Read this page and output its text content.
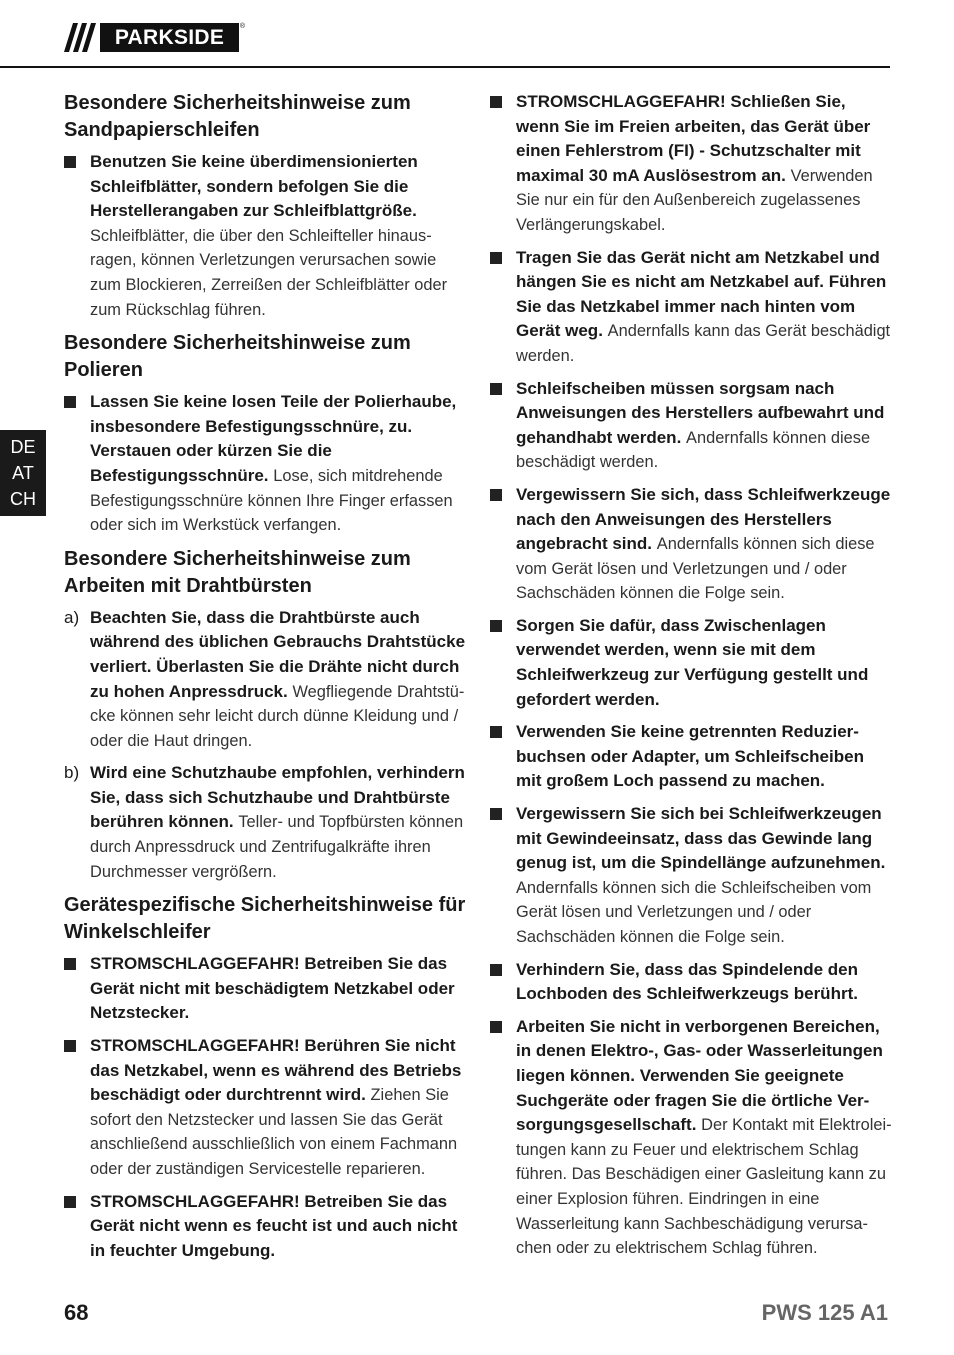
PARKSIDE	®
DE
AT
CH
Besondere Sicherheitshinweise zum Sandpapierschleifen
Benutzen Sie keine überdimensionierten Schleifblätter, sondern befolgen Sie die Herstellerangaben zur Schleifblattgröße. Schleifblätter, die über den Schleifteller hinausragen, können Verletzungen verursachen sowie zum Blockieren, Zerreißen der Schleifblätter oder zum Rückschlag führen.
Besondere Sicherheitshinweise zum Polieren
Lassen Sie keine losen Teile der Polierhaube, insbesondere Befestigungsschnüre, zu. Verstauen oder kürzen Sie die Befestigungsschnüre. Lose, sich mitdrehende Befestigungsschnüre können Ihre Finger erfassen oder sich im Werkstück verfangen.
Besondere Sicherheitshinweise zum Arbeiten mit Drahtbürsten
a) Beachten Sie, dass die Drahtbürste auch während des üblichen Gebrauchs Drahtstücke verliert. Überlasten Sie die Drähte nicht durch zu hohen Anpressdruck. Wegfliegende Drahtstücke können sehr leicht durch dünne Kleidung und / oder die Haut dringen.
b) Wird eine Schutzhaube empfohlen, verhindern Sie, dass sich Schutzhaube und Drahtbürste berühren können. Teller- und Topfbürsten können durch Anpressdruck und Zentrifugalkräfte ihren Durchmesser vergrößern.
Gerätespezifische Sicherheitshinweise für Winkelschleifer
STROMSCHLAGGEFAHR! Betreiben Sie das Gerät nicht mit beschädigtem Netzkabel oder Netzstecker.
STROMSCHLAGGEFAHR! Berühren Sie nicht das Netzkabel, wenn es während des Betriebs beschädigt oder durchtrennt wird. Ziehen Sie sofort den Netzstecker und lassen Sie das Gerät anschließend ausschließlich von einem Fachmann oder der zuständigen Servicestelle reparieren.
STROMSCHLAGGEFAHR! Betreiben Sie das Gerät nicht wenn es feucht ist und auch nicht in feuchter Umgebung.
STROMSCHLAGGEFAHR! Schließen Sie, wenn Sie im Freien arbeiten, das Gerät über einen Fehlerstrom (FI) - Schutzschalter mit maximal 30 mA Auslösestrom an. Verwenden Sie nur ein für den Außenbereich zugelassenes Verlängerungskabel.
Tragen Sie das Gerät nicht am Netzkabel und hängen Sie es nicht am Netzkabel auf. Führen Sie das Netzkabel immer nach hinten vom Gerät weg. Andernfalls kann das Gerät beschädigt werden.
Schleifscheiben müssen sorgsam nach Anweisungen des Herstellers aufbewahrt und gehandhabt werden. Andernfalls können diese beschädigt werden.
Vergewissern Sie sich, dass Schleifwerkzeuge nach den Anweisungen des Herstellers angebracht sind. Andernfalls können sich diese vom Gerät lösen und Verletzungen und / oder Sachschäden können die Folge sein.
Sorgen Sie dafür, dass Zwischenlagen verwendet werden, wenn sie mit dem Schleifwerkzeug zur Verfügung gestellt und gefordert werden.
Verwenden Sie keine getrennten Reduzierbuchsen oder Adapter, um Schleifscheiben mit großem Loch passend zu machen.
Vergewissern Sie sich bei Schleifwerkzeugen mit Gewindeeinsatz, dass das Gewinde lang genug ist, um die Spindellänge aufzunehmen. Andernfalls können sich die Schleifscheiben vom Gerät lösen und Verletzungen und / oder Sachschäden können die Folge sein.
Verhindern Sie, dass das Spindelende den Lochboden des Schleifwerkzeugs berührt.
Arbeiten Sie nicht in verborgenen Bereichen, in denen Elektro-, Gas- oder Wasserleitungen liegen können. Verwenden Sie geeignete Suchgeräte oder fragen Sie die örtliche Versorgungsgesellschaft. Der Kontakt mit Elektroleitungen kann zu Feuer und elektrischem Schlag führen. Das Beschädigen einer Gasleitung kann zu einer Explosion führen. Eindringen in eine Wasserleitung kann Sachbeschädigung verursachen oder zu elektrischem Schlag führen.
68	PWS 125 A1
